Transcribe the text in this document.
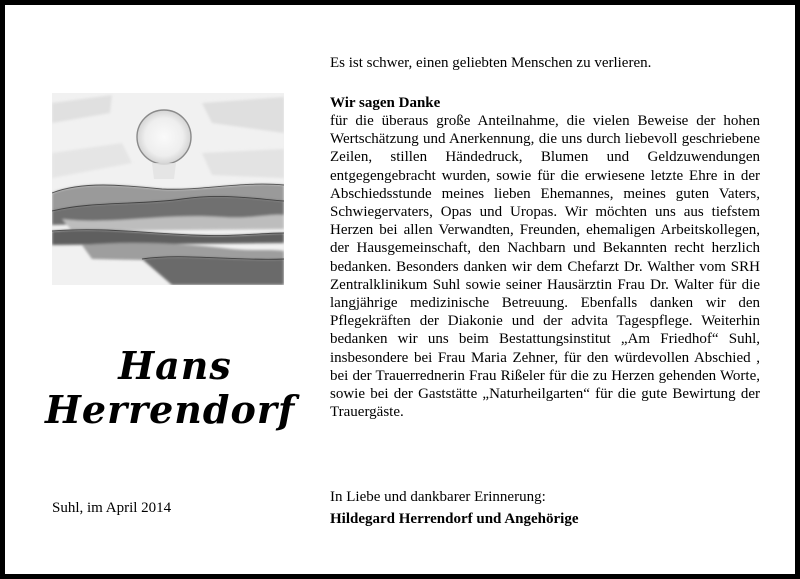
Hans
Herrendorf
Suhl, im April 2014
Es ist schwer, einen geliebten Menschen zu verlieren.
Wir sagen Danke

für die überaus große Anteilnahme, die vielen Beweise der hohen Wertschätzung und Anerkennung, die uns durch liebevoll geschriebene Zeilen, stillen Händedruck, Blumen und Geldzuwendungen entgegengebracht wurden, sowie für die erwiesene letzte Ehre in der Abschiedsstunde meines lieben Ehemannes, meines guten Vaters, Schwiegervaters, Opas und Uropas. Wir möchten uns aus tiefstem Herzen bei allen Verwandten, Freunden, ehemaligen Arbeitskollegen, der Hausgemeinschaft, den Nachbarn und Bekannten recht herzlich bedanken. Besonders danken wir dem Chefarzt Dr. Walther vom SRH Zentralklinikum Suhl sowie seiner Hausärztin Frau Dr. Walter für die langjährige medizinische Betreuung. Ebenfalls danken wir den Pflegekräften der Diakonie und der advita Tagespflege. Weiterhin bedanken wir uns beim Bestattungsinstitut „Am Friedhof“ Suhl, insbesondere bei Frau Maria Zehner, für den würdevollen Abschied , bei der Trauerrednerin Frau Rißeler für die zu Herzen gehenden Worte, sowie bei der Gaststätte „Naturheilgarten“ für die gute Bewirtung der Trauergäste.

In Liebe und dankbarer Erinnerung:
Hildegard Herrendorf und Angehörige
